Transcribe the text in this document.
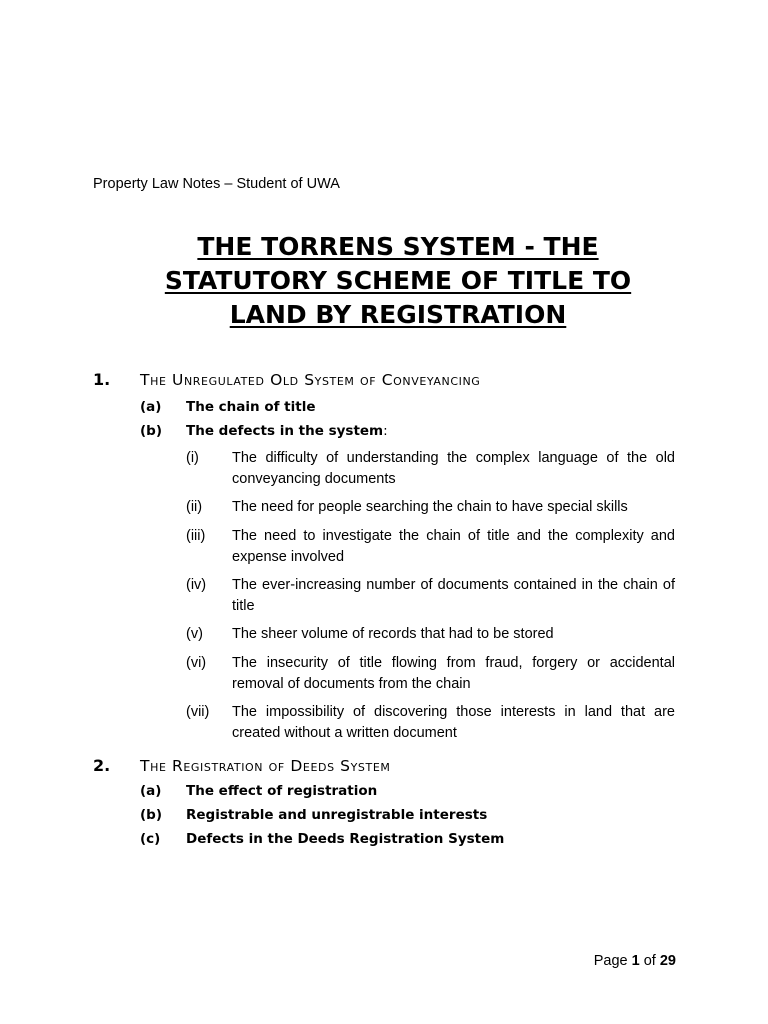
Property Law Notes – Student of UWA
THE TORRENS SYSTEM - THE
STATUTORY SCHEME OF TITLE TO
LAND BY REGISTRATION
1.	The Unregulated Old System of Conveyancing
(a)	The chain of title
(b)	The defects in the system :
(i)	The difficulty of understanding the complex language of the old conveyancing documents
(ii)	The need for people searching the chain to have special skills
(iii)	The need to investigate the chain of title and the complexity and expense involved
(iv)	The ever-increasing number of documents contained in the chain of title
(v)	The sheer volume of records that had to be stored
(vi)	The insecurity of title flowing from fraud, forgery or accidental removal of documents from the chain
(vii)	The impossibility of discovering those interests in land that are created without a written document
2.	The Registration of Deeds System
(a)	The effect of registration
(b)	Registrable and unregistrable interests
(c)	Defects in the Deeds Registration System
Page 1 of 29
